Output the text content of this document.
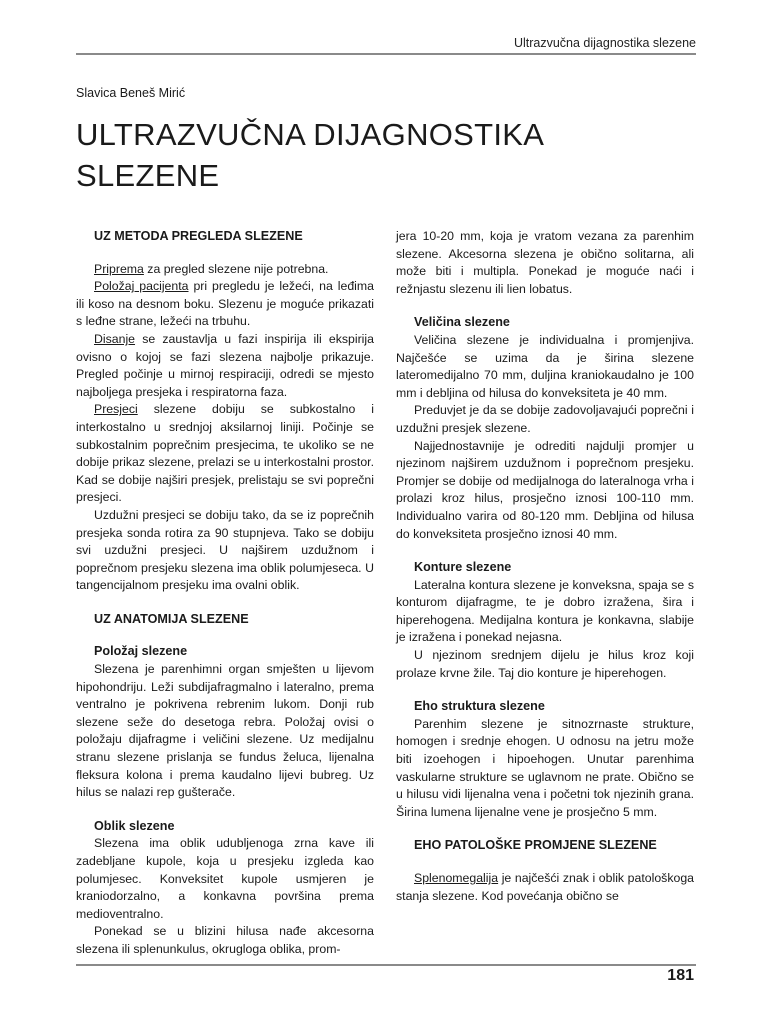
Ultrazvučna dijagnostika slezene
Slavica Beneš Mirić
ULTRAZVUČNA DIJAGNOSTIKA
SLEZENE
UZ METODA PREGLEDA SLEZENE

Priprema za pregled slezene nije potrebna.

Položaj pacijenta pri pregledu je ležeći, na leđima ili koso na desnom boku. Slezenu je moguće prikazati s leđne strane, ležeći na trbuhu.

Disanje se zaustavlja u fazi inspirija ili ekspirija ovisno o kojoj se fazi slezena najbolje prikazuje. Pregled počinje u mirnoj respiraciji, odredi se mjesto najboljega presjeka i respiratorna faza.

Presjeci slezene dobiju se subkostalno i interkostalno u srednjoj aksilarnoj liniji. Počinje se subkostalnim poprečnim presjecima, te ukoliko se ne dobije prikaz slezene, prelazi se u interkostalni prostor. Kad se dobije najširi presjek, prelistaju se svi poprečni presjeci.

Uzdužni presjeci se dobiju tako, da se iz poprečnih presjeka sonda rotira za 90 stupnjeva. Tako se dobiju svi uzdužni presjeci. U najširem uzdužnom i poprečnom presjeku slezena ima oblik polumjeseca. U tangencijalnom presjeku ima ovalni oblik.

UZ ANATOMIJA SLEZENE
Položaj slezene

Slezena je parenhimni organ smješten u lijevom hipohondriju. Leži subdijafragmalno i lateralno, prema ventralno je pokrivena rebrenim lukom. Donji rub slezene seže do desetoga rebra. Položaj ovisi o položaju dijafragme i veličini slezene. Uz medijalnu stranu slezene prislanja se fundus želuca, lijenalna fleksura kolona i prema kaudalno lijevi bubreg. Uz hilus se nalazi rep gušterače.

Oblik slezene

Slezena ima oblik udubljenoga zrna kave ili zadebljane kupole, koja u presjeku izgleda kao polumjesec. Konveksitet kupole usmjeren je kraniodorzalno, a konkavna površina prema medioventralno.

Ponekad se u blizini hilusa nađe akcesorna slezena ili splenunkulus, okrugloga oblika, prom-

jera 10-20 mm, koja je vratom vezana za parenhim slezene. Akcesorna slezena je obično solitarna, ali može biti i multipla. Ponekad je moguće naći i režnjastu slezenu ili lien lobatus.

Veličina slezene

Veličina slezene je individualna i promjenjiva. Najčešće se uzima da je širina slezene lateromedijalno 70 mm, duljina kraniokaudalno je 100 mm i debljina od hilusa do konveksiteta je 40 mm.

Preduvjet je da se dobije zadovoljavajući poprečni i uzdužni presjek slezene.

Najjednostavnije je odrediti najdulji promjer u njezinom najširem uzdužnom i poprečnom presjeku. Promjer se dobije od medijalnoga do lateralnoga vrha i prolazi kroz hilus, prosječno iznosi 100-110 mm. Individualno varira od 80-120 mm. Debljina od hilusa do konveksiteta prosječno iznosi 40 mm.

Konture slezene

Lateralna kontura slezene je konveksna, spaja se s konturom dijafragme, te je dobro izražena, šira i hiperehogena. Medijalna kontura je konkavna, slabije je izražena i ponekad nejasna.

U njezinom srednjem dijelu je hilus kroz koji prolaze krvne žile. Taj dio konture je hiperehogen.

Eho struktura slezene

Parenhim slezene je sitnozrnaste strukture, homogen i srednje ehogen. U odnosu na jetru može biti izoehogen i hipoehogen. Unutar parenhima vaskularne strukture se uglavnom ne prate. Obično se u hilusu vidi lijenalna vena i početni tok njezinih grana. Širina lumena lijenalne vene je prosječno 5 mm.

EHO PATOLOŠKE PROMJENE SLEZENE

Splenomegalija je najčešći znak i oblik patološkoga stanja slezene. Kod povećanja obično se

181
